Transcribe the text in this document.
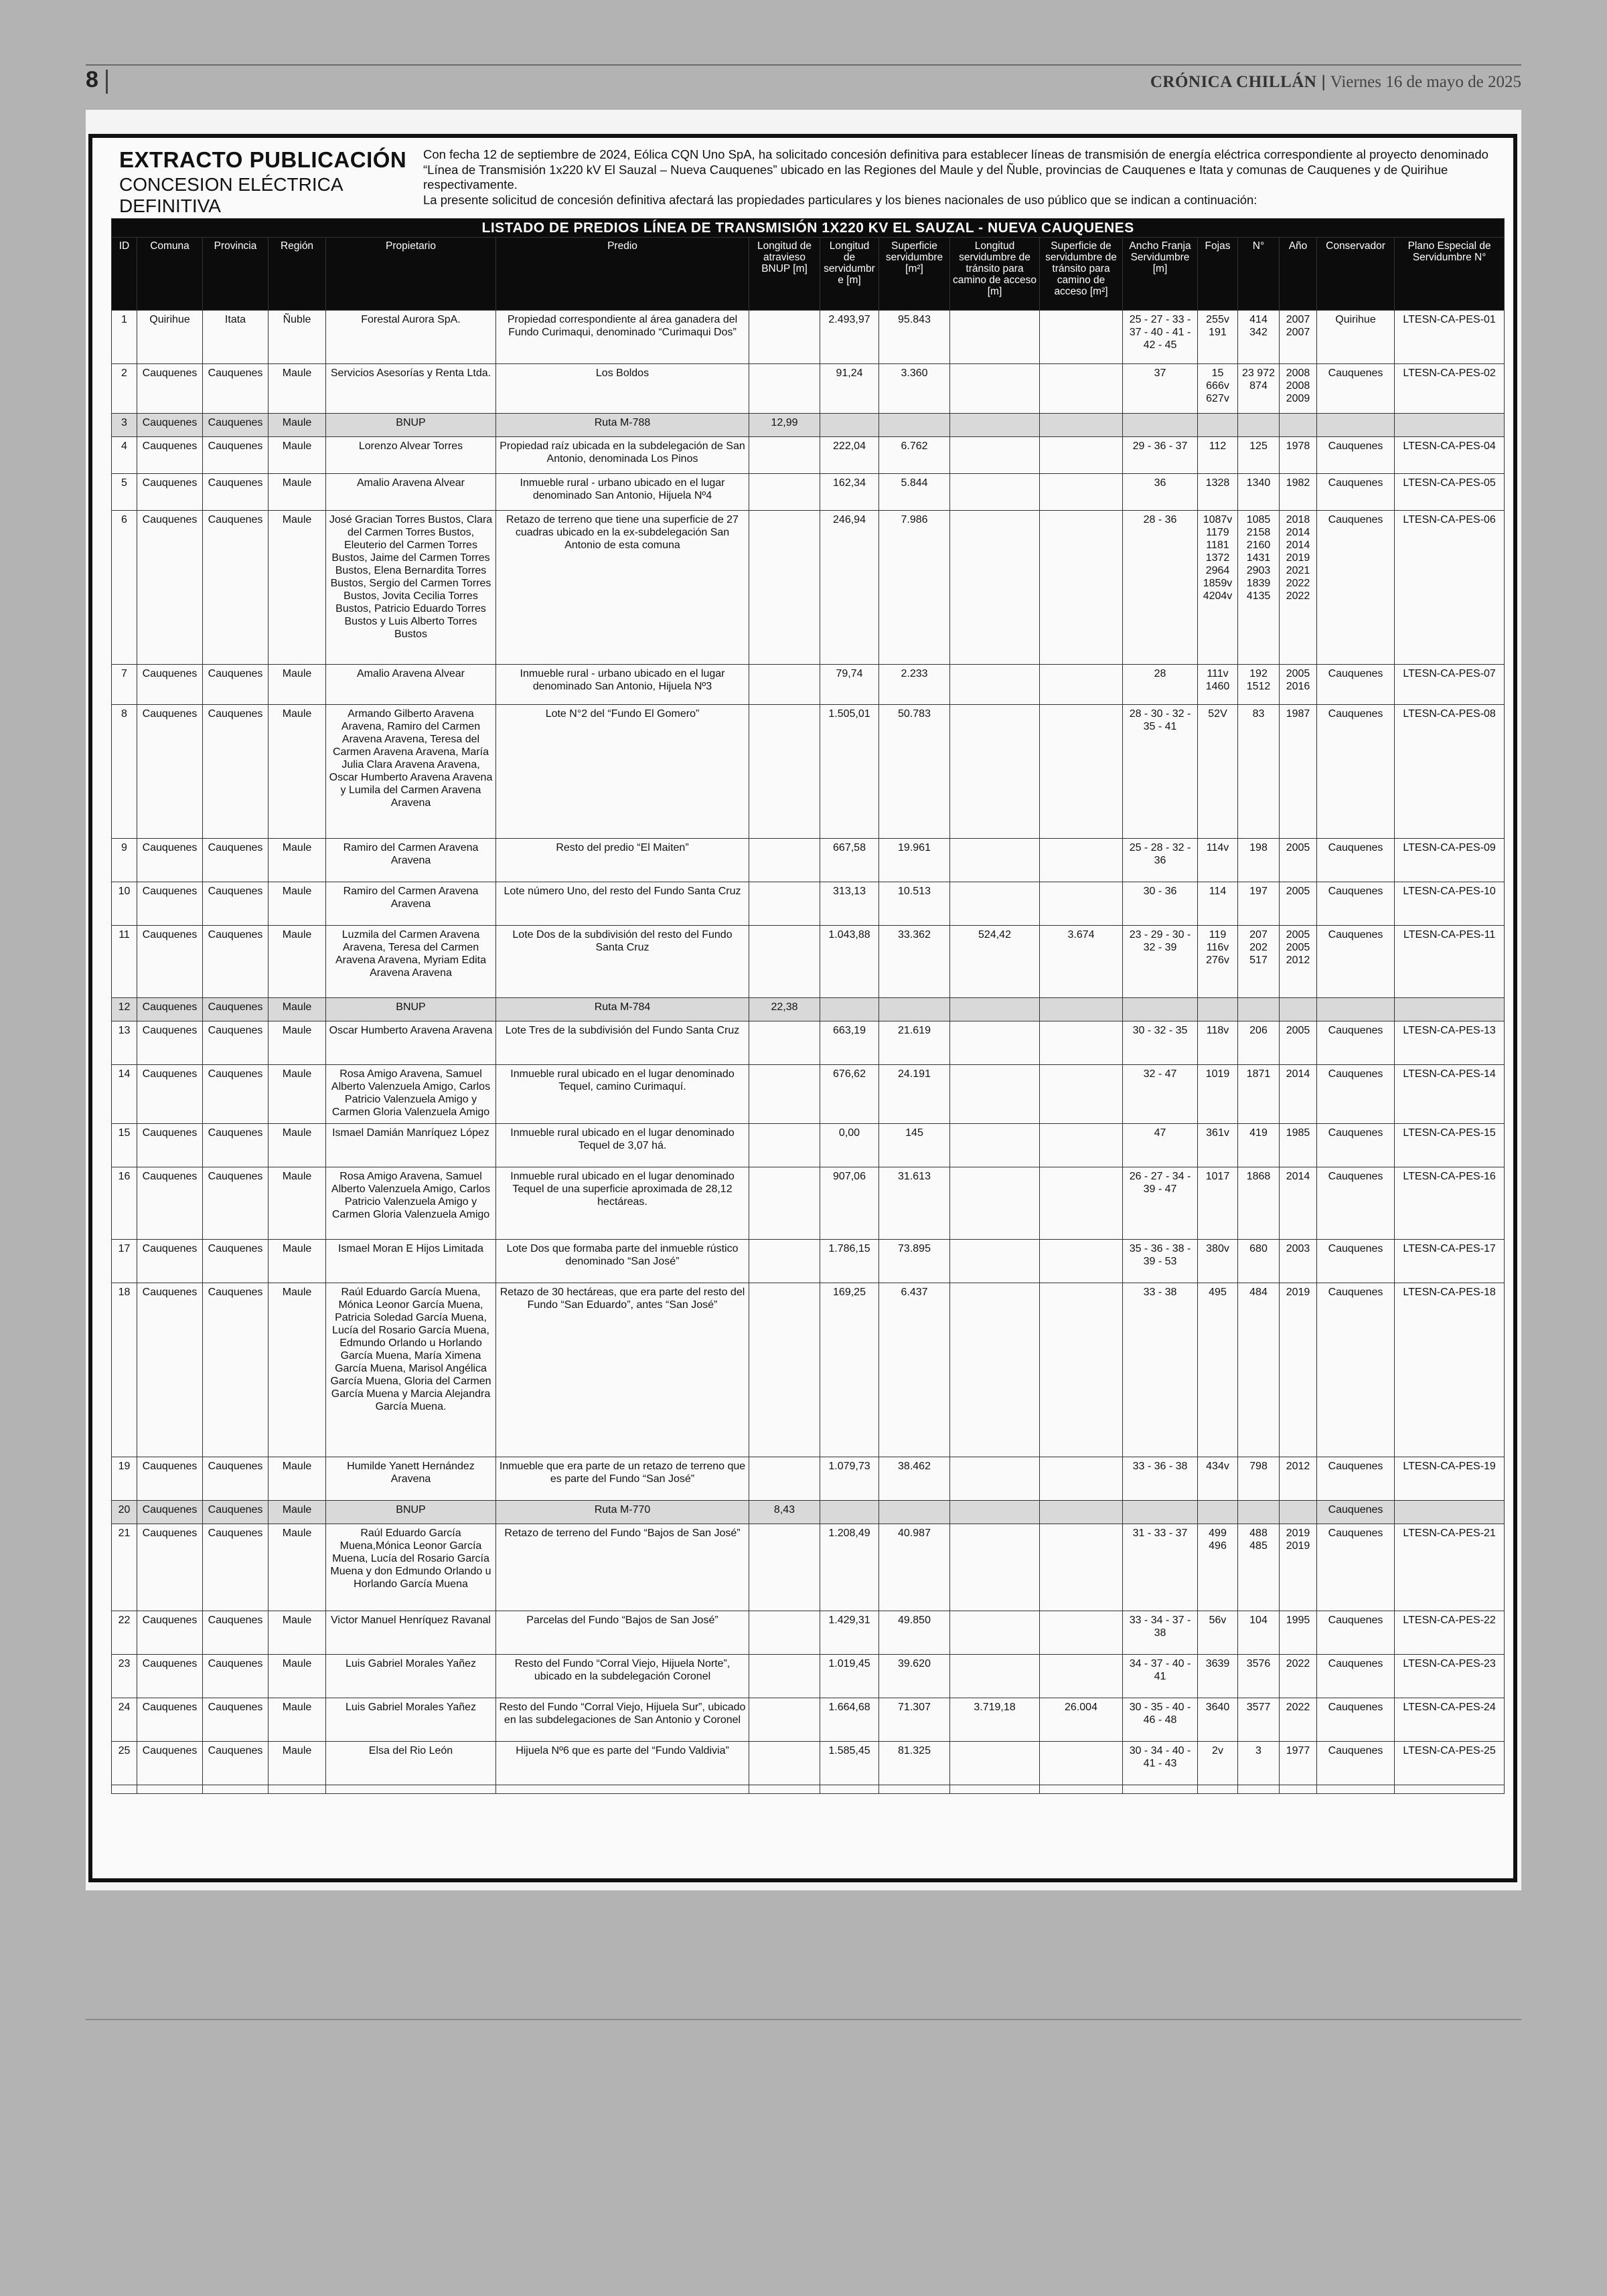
8	CRÓNICA CHILLÁN | Viernes 16 de mayo de 2025
EXTRACTO PUBLICACIÓN
CONCESION ELÉCTRICA DEFINITIVA

Con fecha 12 de septiembre de 2024, Eólica CQN Uno SpA, ha solicitado concesión definitiva para establecer líneas de transmisión de energía eléctrica correspondiente al proyecto denominado “Línea de Transmisión 1x220 kV El Sauzal – Nueva Cauquenes” ubicado en las Regiones del Maule y del Ñuble, provincias de Cauquenes e Itata y comunas de Cauquenes y de Quirihue respectivamente.

La presente solicitud de concesión definitiva afectará las propiedades particulares y los bienes nacionales de uso público que se indican a continuación:

LISTADO DE PREDIOS LÍNEA DE TRANSMISIÓN 1X220 KV EL SAUZAL - NUEVA CAUQUENES																
ID	Comuna	Provincia	Región	Propietario	Predio	Longitud de atravieso BNUP [m]	Longitud de servidumbre [m]	Superficie servidumbre [m²]	Longitud servidumbre de tránsito para camino de acceso [m]	Superficie de servidumbre de tránsito para camino de acceso [m²]	Ancho Franja Servidumbre [m]	Fojas	N°	Año	Conservador	Plano Especial de Servidumbre N°
1	Quirihue	Itata	Ñuble	Forestal Aurora SpA.	Propiedad correspondiente al área ganadera del Fundo Curimaqui, denominado “Curimaqui Dos”		2.493,97	95.843			25 - 27 - 33 - 37 - 40 - 41 - 42 - 45	255v 191	414 342	2007 2007	Quirihue	LTESN-CA-PES-01
2	Cauquenes	Cauquenes	Maule	Servicios Asesorías y Renta Ltda.	Los Boldos		91,24	3.360			37	15 666v 627v	23 972 874	2008 2008 2009	Cauquenes	LTESN-CA-PES-02
3	Cauquenes	Cauquenes	Maule	BNUP	Ruta M-788	12,99										
4	Cauquenes	Cauquenes	Maule	Lorenzo Alvear Torres	Propiedad raíz ubicada en la subdelegación de San Antonio, denominada Los Pinos		222,04	6.762			29 - 36 - 37	112	125	1978	Cauquenes	LTESN-CA-PES-04
5	Cauquenes	Cauquenes	Maule	Amalio Aravena Alvear	Inmueble rural - urbano ubicado en el lugar denominado San Antonio, Hijuela Nº4		162,34	5.844			36	1328	1340	1982	Cauquenes	LTESN-CA-PES-05
6	Cauquenes	Cauquenes	Maule	José Gracian Torres Bustos, Clara del Carmen Torres Bustos, Eleuterio del Carmen Torres Bustos, Jaime del Carmen Torres Bustos, Elena Bernardita Torres Bustos, Sergio del Carmen Torres Bustos, Jovita Cecilia Torres Bustos, Patricio Eduardo Torres Bustos y Luis Alberto Torres Bustos	Retazo de terreno que tiene una superficie de 27 cuadras ubicado en la ex-subdelegación San Antonio de esta comuna		246,94	7.986			28 - 36	1087v 1179 1181 1372 2964 1859v 4204v	1085 2158 2160 1431 2903 1839 4135	2018 2014 2014 2019 2021 2022 2022	Cauquenes	LTESN-CA-PES-06
7	Cauquenes	Cauquenes	Maule	Amalio Aravena Alvear	Inmueble rural - urbano ubicado en el lugar denominado San Antonio, Hijuela Nº3		79,74	2.233			28	111v 1460	192 1512	2005 2016	Cauquenes	LTESN-CA-PES-07
8	Cauquenes	Cauquenes	Maule	Armando Gilberto Aravena Aravena, Ramiro del Carmen Aravena Aravena, Teresa del Carmen Aravena Aravena, María Julia Clara Aravena Aravena, Oscar Humberto Aravena Aravena y Lumila del Carmen Aravena Aravena	Lote N°2 del “Fundo El Gomero”		1.505,01	50.783			28 - 30 - 32 - 35 - 41	52V	83	1987	Cauquenes	LTESN-CA-PES-08
9	Cauquenes	Cauquenes	Maule	Ramiro del Carmen Aravena Aravena	Resto del predio “El Maiten”		667,58	19.961			25 - 28 - 32 - 36	114v	198	2005	Cauquenes	LTESN-CA-PES-09
10	Cauquenes	Cauquenes	Maule	Ramiro del Carmen Aravena Aravena	Lote número Uno, del resto del Fundo Santa Cruz		313,13	10.513			30 - 36	114	197	2005	Cauquenes	LTESN-CA-PES-10
11	Cauquenes	Cauquenes	Maule	Luzmila del Carmen Aravena Aravena, Teresa del Carmen Aravena Aravena, Myriam Edita Aravena Aravena	Lote Dos de la subdivisión del resto del Fundo Santa Cruz		1.043,88	33.362	524,42	3.674	23 - 29 - 30 - 32 - 39	119 116v 276v	207 202 517	2005 2005 2012	Cauquenes	LTESN-CA-PES-11
12	Cauquenes	Cauquenes	Maule	BNUP	Ruta M-784	22,38										
13	Cauquenes	Cauquenes	Maule	Oscar Humberto Aravena Aravena	Lote Tres de la subdivisión del Fundo Santa Cruz		663,19	21.619			30 - 32 - 35	118v	206	2005	Cauquenes	LTESN-CA-PES-13
14	Cauquenes	Cauquenes	Maule	Rosa Amigo Aravena, Samuel Alberto Valenzuela Amigo, Carlos Patricio Valenzuela Amigo y Carmen Gloria Valenzuela Amigo	Inmueble rural ubicado en el lugar denominado Tequel, camino Curimaquí.		676,62	24.191			32 - 47	1019	1871	2014	Cauquenes	LTESN-CA-PES-14
15	Cauquenes	Cauquenes	Maule	Ismael Damián Manríquez López	Inmueble rural ubicado en el lugar denominado Tequel de 3,07 há.		0,00	145			47	361v	419	1985	Cauquenes	LTESN-CA-PES-15
16	Cauquenes	Cauquenes	Maule	Rosa Amigo Aravena, Samuel Alberto Valenzuela Amigo, Carlos Patricio Valenzuela Amigo y Carmen Gloria Valenzuela Amigo	Inmueble rural ubicado en el lugar denominado Tequel de una superficie aproximada de 28,12 hectáreas.		907,06	31.613			26 - 27 - 34 - 39 - 47	1017	1868	2014	Cauquenes	LTESN-CA-PES-16
17	Cauquenes	Cauquenes	Maule	Ismael Moran E Hijos Limitada	Lote Dos que formaba parte del inmueble rústico denominado “San José”		1.786,15	73.895			35 - 36 - 38 - 39 - 53	380v	680	2003	Cauquenes	LTESN-CA-PES-17
18	Cauquenes	Cauquenes	Maule	Raúl Eduardo García Muena, Mónica Leonor García Muena, Patricia Soledad García Muena, Lucía del Rosario García Muena, Edmundo Orlando u Horlando García Muena, María Ximena García Muena, Marisol Angélica García Muena, Gloria del Carmen García Muena y Marcia Alejandra García Muena.	Retazo de 30 hectáreas, que era parte del resto del Fundo “San Eduardo”, antes “San José”		169,25	6.437			33 - 38	495	484	2019	Cauquenes	LTESN-CA-PES-18
19	Cauquenes	Cauquenes	Maule	Humilde Yanett Hernández Aravena	Inmueble que era parte de un retazo de terreno que es parte del Fundo “San José”		1.079,73	38.462			33 - 36 - 38	434v	798	2012	Cauquenes	LTESN-CA-PES-19
20	Cauquenes	Cauquenes	Maule	BNUP	Ruta M-770	8,43									Cauquenes	
21	Cauquenes	Cauquenes	Maule	Raúl Eduardo García Muena,Mónica Leonor García Muena, Lucía del Rosario García Muena y don Edmundo Orlando u Horlando García Muena	Retazo de terreno del Fundo “Bajos de San José”		1.208,49	40.987			31 - 33 - 37	499 496	488 485	2019 2019	Cauquenes	LTESN-CA-PES-21
22	Cauquenes	Cauquenes	Maule	Victor Manuel Henríquez Ravanal	Parcelas del Fundo “Bajos de San José”		1.429,31	49.850			33 - 34 - 37 - 38	56v	104	1995	Cauquenes	LTESN-CA-PES-22
23	Cauquenes	Cauquenes	Maule	Luis Gabriel Morales Yañez	Resto del Fundo “Corral Viejo, Hijuela Norte”, ubicado en la subdelegación Coronel		1.019,45	39.620			34 - 37 - 40 - 41	3639	3576	2022	Cauquenes	LTESN-CA-PES-23
24	Cauquenes	Cauquenes	Maule	Luis Gabriel Morales Yañez	Resto del Fundo “Corral Viejo, Hijuela Sur”, ubicado en las subdelegaciones de San Antonio y Coronel		1.664,68	71.307	3.719,18	26.004	30 - 35 - 40 - 46 - 48	3640	3577	2022	Cauquenes	LTESN-CA-PES-24
25	Cauquenes	Cauquenes	Maule	Elsa del Rio León	Hijuela Nº6 que es parte del “Fundo Valdivia”		1.585,45	81.325			30 - 34 - 40 - 41 - 43	2v	3	1977	Cauquenes	LTESN-CA-PES-25
